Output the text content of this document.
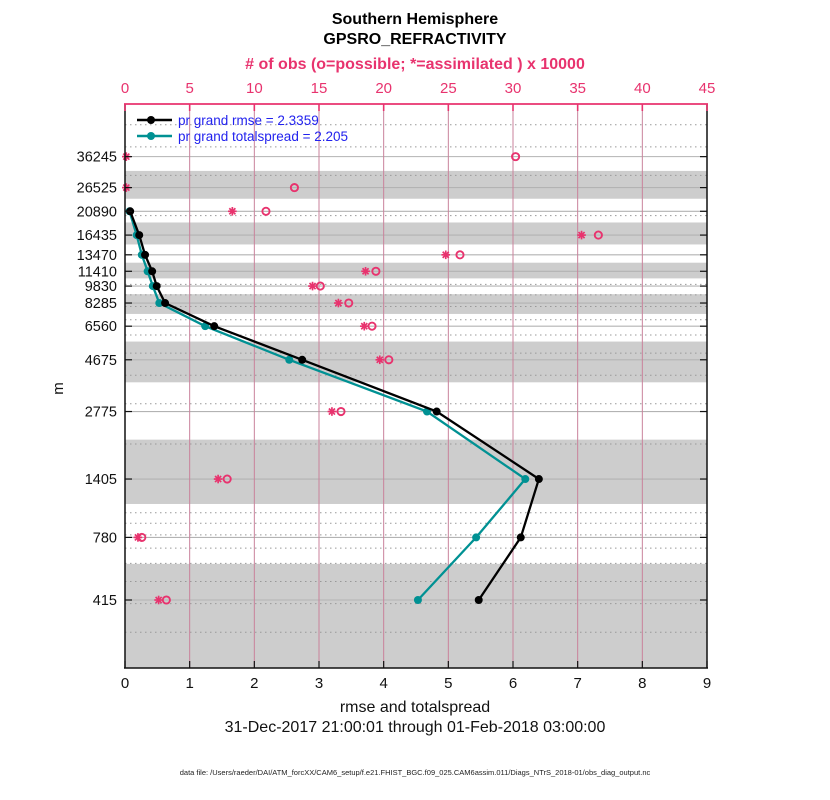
Southern Hemisphere
GPSRO_REFRACTIVITY
# of obs (o=possible; *=assimilated ) x 10000
0	1	2	3	4	5	6	7	8	9
0	5	10	15	20	25	30	35	40	45
415
780
1405
2775
4675
6560
8285
9830
11410
13470
16435
20890
26525
36245
pr grand rmse = 2.3359
pr grand totalspread = 2.205
m
rmse and totalspread
31-Dec-2017 21:00:01 through 01-Feb-2018 03:00:00
data file: /Users/raeder/DAI/ATM_forcXX/CAM6_setup/f.e21.FHIST_BGC.f09_025.CAM6assim.011/Diags_NTrS_2018-01/obs_diag_output.nc
